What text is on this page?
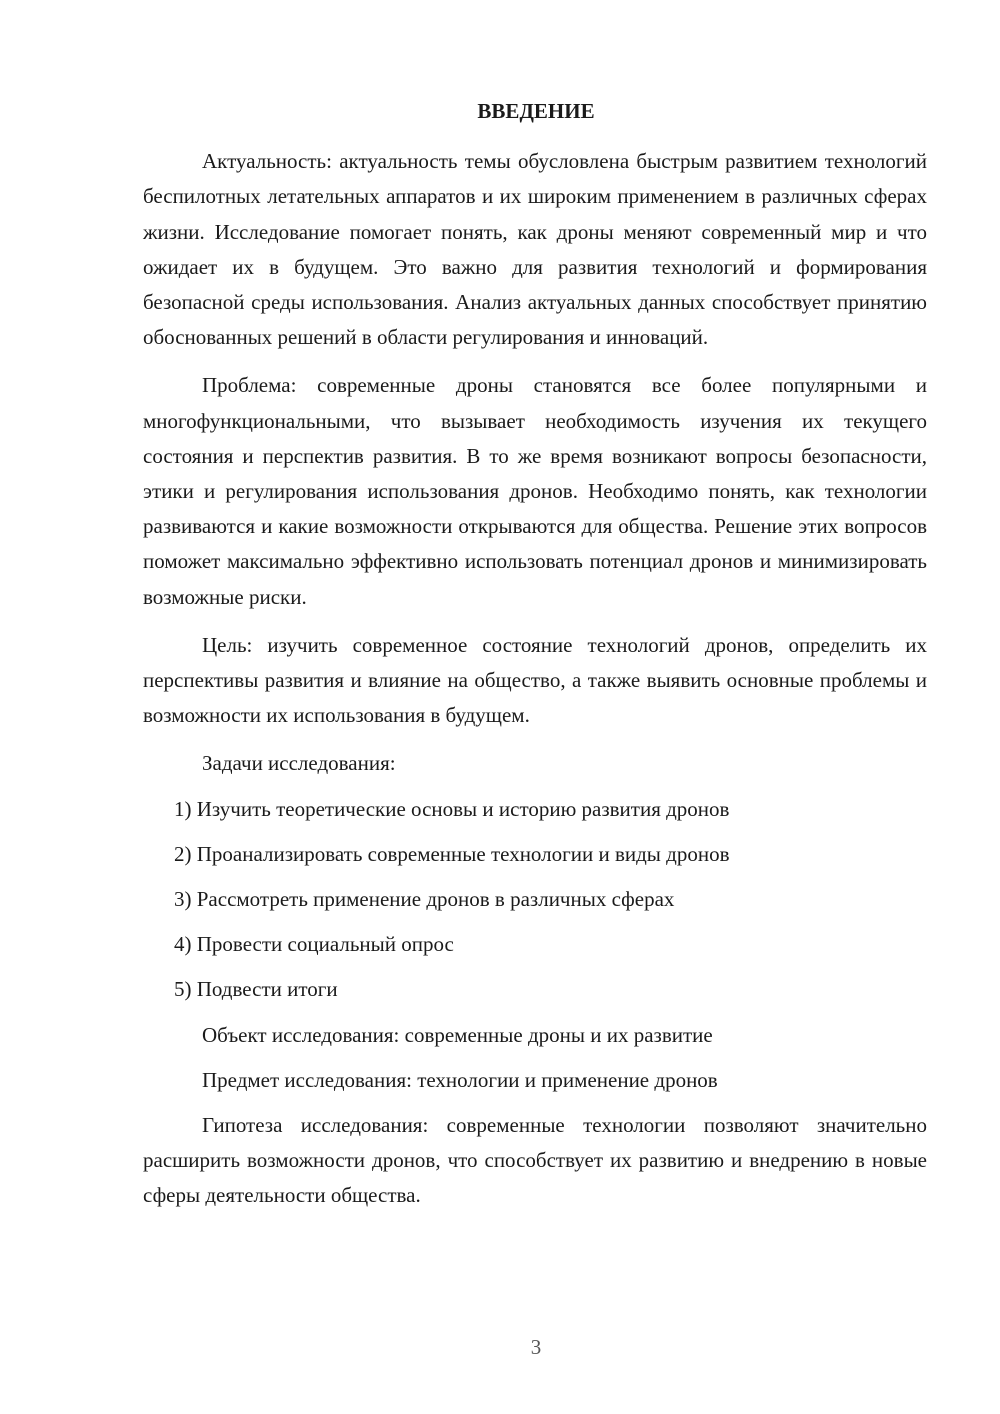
ВВЕДЕНИЕ

Актуальность: актуальность темы обусловлена быстрым развитием технологий беспилотных летательных аппаратов и их широким применением в различных сферах жизни. Исследование помогает понять, как дроны меняют современный мир и что ожидает их в будущем. Это важно для развития технологий и формирования безопасной среды использования. Анализ актуальных данных способствует принятию обоснованных решений в области регулирования и инноваций.

Проблема: современные дроны становятся все более популярными и многофункциональными, что вызывает необходимость изучения их текущего состояния и перспектив развития. В то же время возникают вопросы безопасности, этики и регулирования использования дронов. Необходимо понять, как технологии развиваются и какие возможности открываются для общества. Решение этих вопросов поможет максимально эффективно использовать потенциал дронов и минимизировать возможные риски.

Цель: изучить современное состояние технологий дронов, определить их перспективы развития и влияние на общество, а также выявить основные проблемы и возможности их использования в будущем.

Задачи исследования:

1) Изучить теоретические основы и историю развития дронов

2) Проанализировать современные технологии и виды дронов

3) Рассмотреть применение дронов в различных сферах

4) Провести социальный опрос

5) Подвести итоги

Объект исследования: современные дроны и их развитие

Предмет исследования: технологии и применение дронов

Гипотеза исследования: современные технологии позволяют значительно расширить возможности дронов, что способствует их развитию и внедрению в новые сферы деятельности общества.

3
